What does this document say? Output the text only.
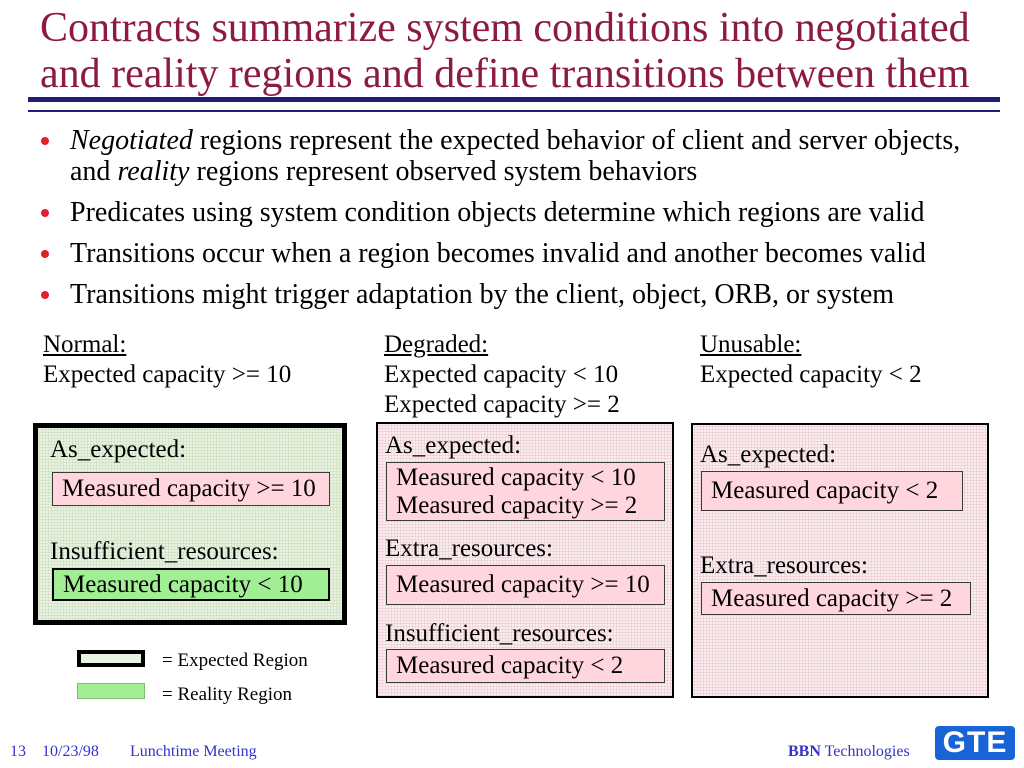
Contracts summarize system conditions into negotiated
and reality regions and define transitions between them
Negotiated regions represent the expected behavior of client and server objects,
and reality regions represent observed system behaviors
Predicates using system condition objects determine which regions are valid
Transitions occur when a region becomes invalid and another becomes valid
Transitions might trigger adaptation by the client, object, ORB, or system
Normal:
Expected capacity >= 10
Degraded:
Expected capacity < 10
Expected capacity >= 2
Unusable:
Expected capacity < 2
As_expected:
Measured capacity >= 10
Insufficient_resources:
Measured capacity < 10
As_expected:
Measured capacity < 10
Measured capacity >= 2
Extra_resources:
Measured capacity >= 10
Insufficient_resources:
Measured capacity < 2
As_expected:
Measured capacity < 2
Extra_resources:
Measured capacity >= 2
= Expected Region
= Reality Region
13 10/23/98 Lunchtime Meeting	BBN Technologies GTE
